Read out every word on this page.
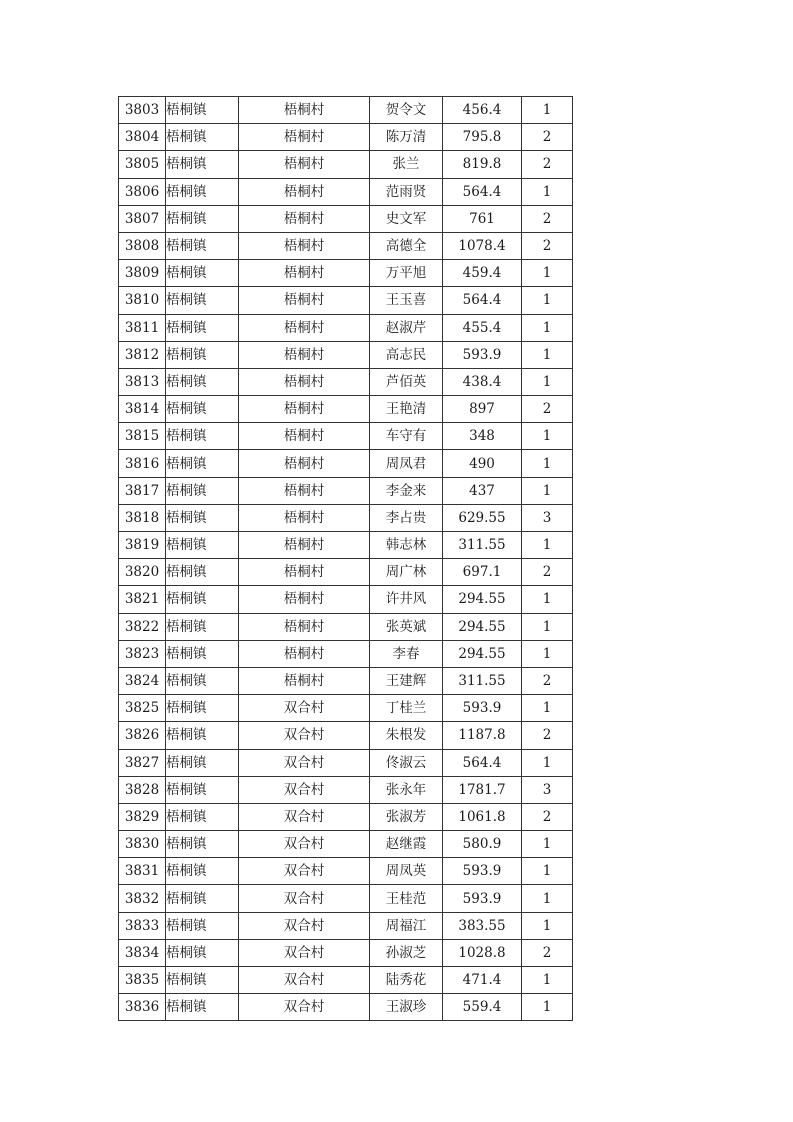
3803	梧桐镇	梧桐村	贺令文	456.4	1
3804	梧桐镇	梧桐村	陈万清	795.8	2
3805	梧桐镇	梧桐村	张兰	819.8	2
3806	梧桐镇	梧桐村	范雨贤	564.4	1
3807	梧桐镇	梧桐村	史文军	761	2
3808	梧桐镇	梧桐村	高德全	1078.4	2
3809	梧桐镇	梧桐村	万平旭	459.4	1
3810	梧桐镇	梧桐村	王玉喜	564.4	1
3811	梧桐镇	梧桐村	赵淑芹	455.4	1
3812	梧桐镇	梧桐村	高志民	593.9	1
3813	梧桐镇	梧桐村	芦佰英	438.4	1
3814	梧桐镇	梧桐村	王艳清	897	2
3815	梧桐镇	梧桐村	车守有	348	1
3816	梧桐镇	梧桐村	周凤君	490	1
3817	梧桐镇	梧桐村	李金来	437	1
3818	梧桐镇	梧桐村	李占贵	629.55	3
3819	梧桐镇	梧桐村	韩志林	311.55	1
3820	梧桐镇	梧桐村	周广林	697.1	2
3821	梧桐镇	梧桐村	许井风	294.55	1
3822	梧桐镇	梧桐村	张英斌	294.55	1
3823	梧桐镇	梧桐村	李春	294.55	1
3824	梧桐镇	梧桐村	王建辉	311.55	2
3825	梧桐镇	双合村	丁桂兰	593.9	1
3826	梧桐镇	双合村	朱根发	1187.8	2
3827	梧桐镇	双合村	佟淑云	564.4	1
3828	梧桐镇	双合村	张永年	1781.7	3
3829	梧桐镇	双合村	张淑芳	1061.8	2
3830	梧桐镇	双合村	赵继霞	580.9	1
3831	梧桐镇	双合村	周凤英	593.9	1
3832	梧桐镇	双合村	王桂范	593.9	1
3833	梧桐镇	双合村	周福江	383.55	1
3834	梧桐镇	双合村	孙淑芝	1028.8	2
3835	梧桐镇	双合村	陆秀花	471.4	1
3836	梧桐镇	双合村	王淑珍	559.4	1
